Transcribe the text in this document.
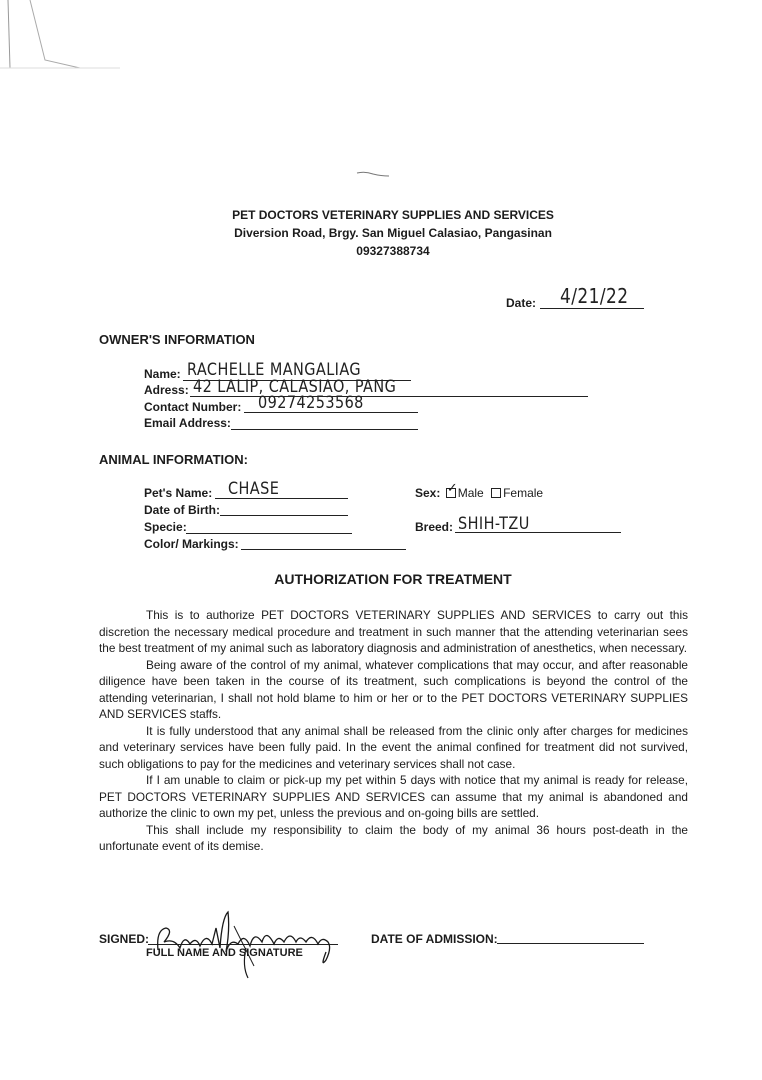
PET DOCTORS VETERINARY SUPPLIES AND SERVICES
Diversion Road, Brgy. San Miguel Calasiao, Pangasinan
09327388734
Date: 4/21/22
OWNER'S INFORMATION
Name: RACHELLE MANGALIAG
Adress: 42 LALIP, CALASIAO, PANG
Contact Number: 09274253568
Email Address:
ANIMAL INFORMATION:
Pet's Name: CHASE
Date of Birth:
Specie:
Color/ Markings:
Sex: ✓ Male Female
Breed: SHIH-TZU
AUTHORIZATION FOR TREATMENT

This is to authorize PET DOCTORS VETERINARY SUPPLIES AND SERVICES to carry out this discretion the necessary medical procedure and treatment in such manner that the attending veterinarian sees the best treatment of my animal such as laboratory diagnosis and administration of anesthetics, when necessary.

Being aware of the control of my animal, whatever complications that may occur, and after reasonable diligence have been taken in the course of its treatment, such complications is beyond the control of the attending veterinarian, I shall not hold blame to him or her or to the PET DOCTORS VETERINARY SUPPLIES AND SERVICES staffs.

It is fully understood that any animal shall be released from the clinic only after charges for medicines and veterinary services have been fully paid. In the event the animal confined for treatment did not survived, such obligations to pay for the medicines and veterinary services shall not case.

If I am unable to claim or pick-up my pet within 5 days with notice that my animal is ready for release, PET DOCTORS VETERINARY SUPPLIES AND SERVICES can assume that my animal is abandoned and authorize the clinic to own my pet, unless the previous and on-going bills are settled.

This shall include my responsibility to claim the body of my animal 36 hours post-death in the unfortunate event of its demise.

SIGNED:
FULL NAME AND SIGNATURE
DATE OF ADMISSION:
